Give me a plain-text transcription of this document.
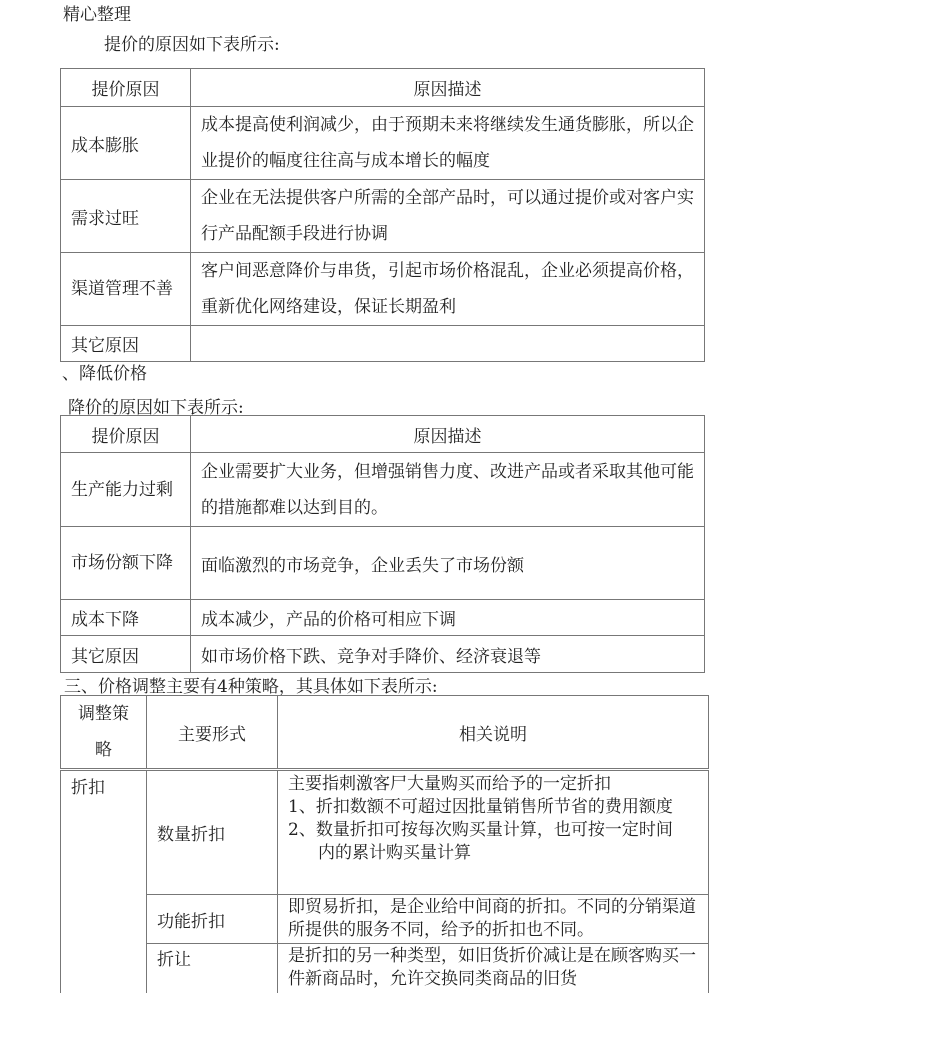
精心整理
提价的原因如下表所示:
提价原因	原因描述
成本膨胀	成本提高使利润减少，由于预期未来将继续发生通货膨胀，所以企业提价的幅度往往高与成本增长的幅度
需求过旺	企业在无法提供客户所需的全部产品时，可以通过提价或对客户实行产品配额手段进行协调
渠道管理不善	客户间恶意降价与串货，引起市场价格混乱，企业必须提高价格，重新优化网络建设，保证长期盈利
其它原因	
、降低价格
降价的原因如下表所示:
提价原因	原因描述
生产能力过剩	企业需要扩大业务，但增强销售力度、改进产品或者采取其他可能的措施都难以达到目的。
市场份额下降	面临激烈的市场竞争，企业丢失了市场份额
成本下降	成本减少，产品的价格可相应下调
其它原因	如市场价格下跌、竞争对手降价、经济衰退等
三、价格调整主要有4种策略，其具体如下表所示:
调整策略	主要形式	相关说明
折扣	数量折扣	主要指刺激客尸大量购买而给予的一定折扣
1、折扣数额不可超过因批量销售所节省的费用额度
2、数量折扣可按每次购买量计算，也可按一定时间
内的累计购买量计算

	功能折扣	即贸易折扣，是企业给中间商的折扣。不同的分销渠道所提供的服务不同，给予的折扣也不同。
	折让	是折扣的另一种类型，如旧货折价减让是在顾客购买一件新商品时，允许交换同类商品的旧货
